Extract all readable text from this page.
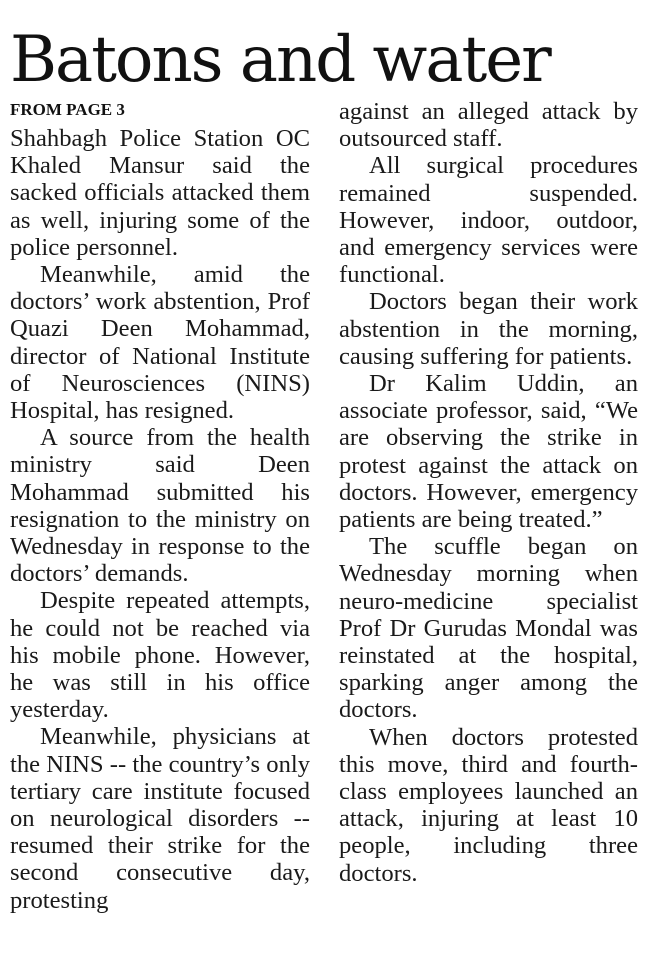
Batons and water
FROM PAGE 3

Shahbagh Police Station OC Khaled Mansur said the sacked officials attacked them as well, injuring some of the police personnel.

Meanwhile, amid the doctors’ work abstention, Prof Quazi Deen Mohammad, director of National Institute of Neurosciences (NINS) Hospital, has resigned.

A source from the health ministry said Deen Mohammad submitted his resignation to the ministry on Wednesday in response to the doctors’ demands.

Despite repeated attempts, he could not be reached via his mobile phone. However, he was still in his office yesterday.

Meanwhile, physicians at the NINS -- the country’s only tertiary care institute focused on neurological disorders -- resumed their strike for the second consecutive day, protesting

against an alleged attack by outsourced staff.

All surgical procedures remained suspended. However, indoor, outdoor, and emergency services were functional.

Doctors began their work abstention in the morning, causing suffering for patients.

Dr Kalim Uddin, an associate professor, said, “We are observing the strike in protest against the attack on doctors. However, emergency patients are being treated.”

The scuffle began on Wednesday morning when neuro-medicine specialist Prof Dr Gurudas Mondal was reinstated at the hospital, sparking anger among the doctors.

When doctors protested this move, third and fourth-class employees launched an attack, injuring at least 10 people, including three doctors.
